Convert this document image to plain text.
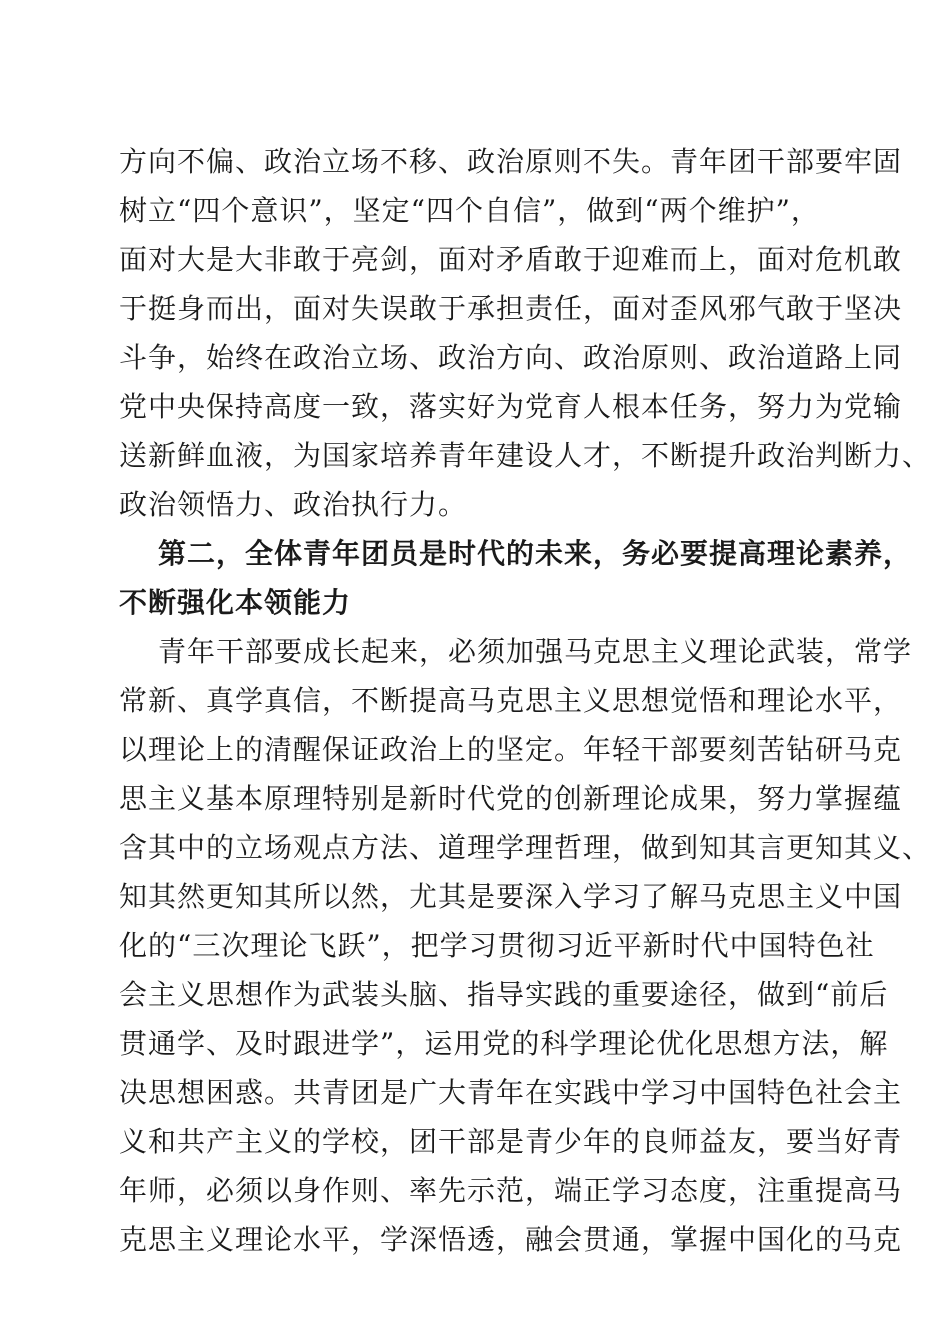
方向不偏、政治立场不移、政治原则不失。青年团干部要牢固
树立“四个意识”，坚定“四个自信”，做到“两个维护”，
面对大是大非敢于亮剑，面对矛盾敢于迎难而上，面对危机敢
于挺身而出，面对失误敢于承担责任，面对歪风邪气敢于坚决
斗争，始终在政治立场、政治方向、政治原则、政治道路上同
党中央保持高度一致，落实好为党育人根本任务，努力为党输
送新鲜血液，为国家培养青年建设人才，不断提升政治判断力、
政治领悟力、政治执行力。
第二，全体青年团员是时代的未来，务必要提高理论素养，
不断强化本领能力
青年干部要成长起来，必须加强马克思主义理论武装，常学
常新、真学真信，不断提高马克思主义思想觉悟和理论水平，
以理论上的清醒保证政治上的坚定。年轻干部要刻苦钻研马克
思主义基本原理特别是新时代党的创新理论成果，努力掌握蕴
含其中的立场观点方法、道理学理哲理，做到知其言更知其义、
知其然更知其所以然，尤其是要深入学习了解马克思主义中国
化的“三次理论飞跃”，把学习贯彻习近平新时代中国特色社
会主义思想作为武装头脑、指导实践的重要途径，做到“前后
贯通学、及时跟进学”，运用党的科学理论优化思想方法，解
决思想困惑。共青团是广大青年在实践中学习中国特色社会主
义和共产主义的学校，团干部是青少年的良师益友，要当好青
年师，必须以身作则、率先示范，端正学习态度，注重提高马
克思主义理论水平，学深悟透，融会贯通，掌握中国化的马克
